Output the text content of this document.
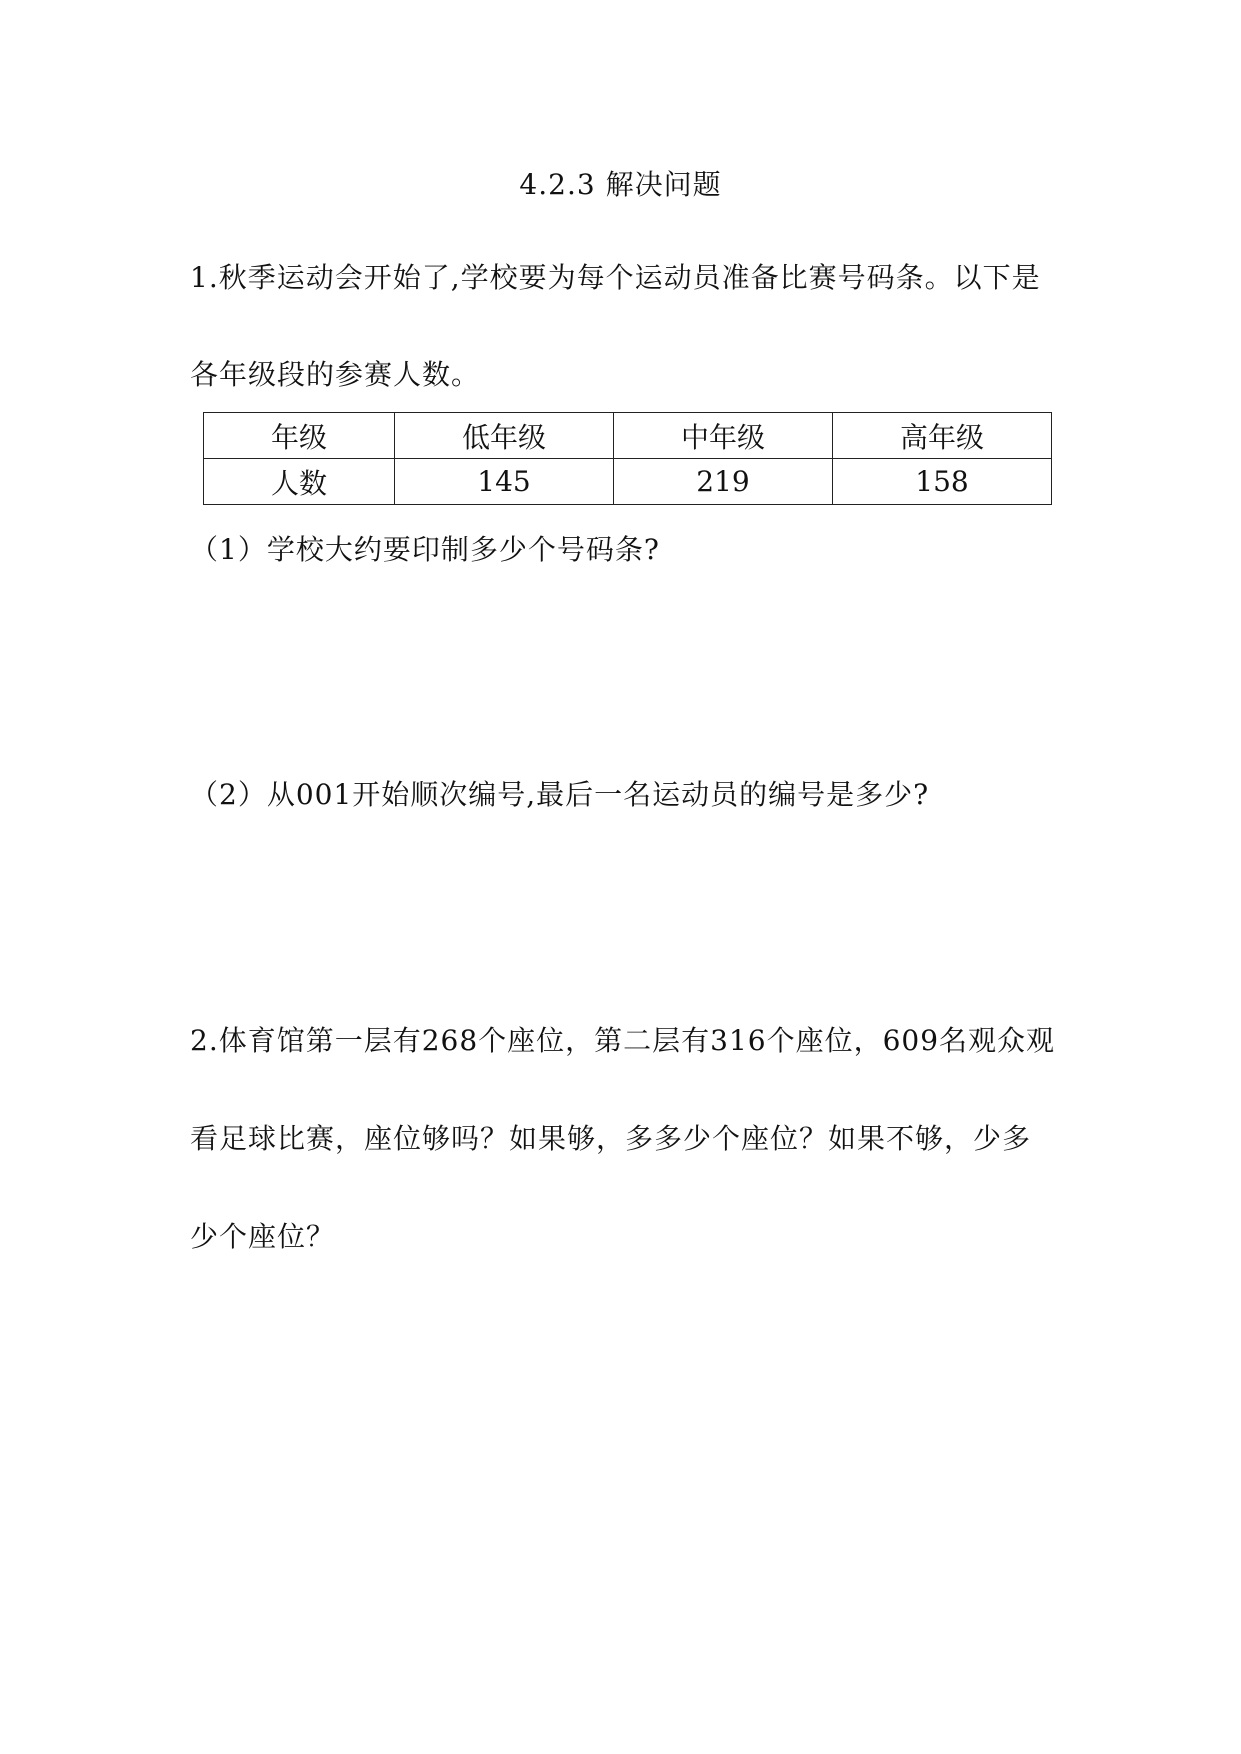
4.2.3 解决问题
1.秋季运动会开始了,学校要为每个运动员准备比赛号码条。以下是
各年级段的参赛人数。
年级	低年级	中年级	高年级
人数	145	219	158
（1）学校大约要印制多少个号码条?
（2）从001开始顺次编号,最后一名运动员的编号是多少?
2.体育馆第一层有268个座位，第二层有316个座位，609名观众观
看足球比赛，座位够吗？如果够，多多少个座位？如果不够，少多
少个座位？
